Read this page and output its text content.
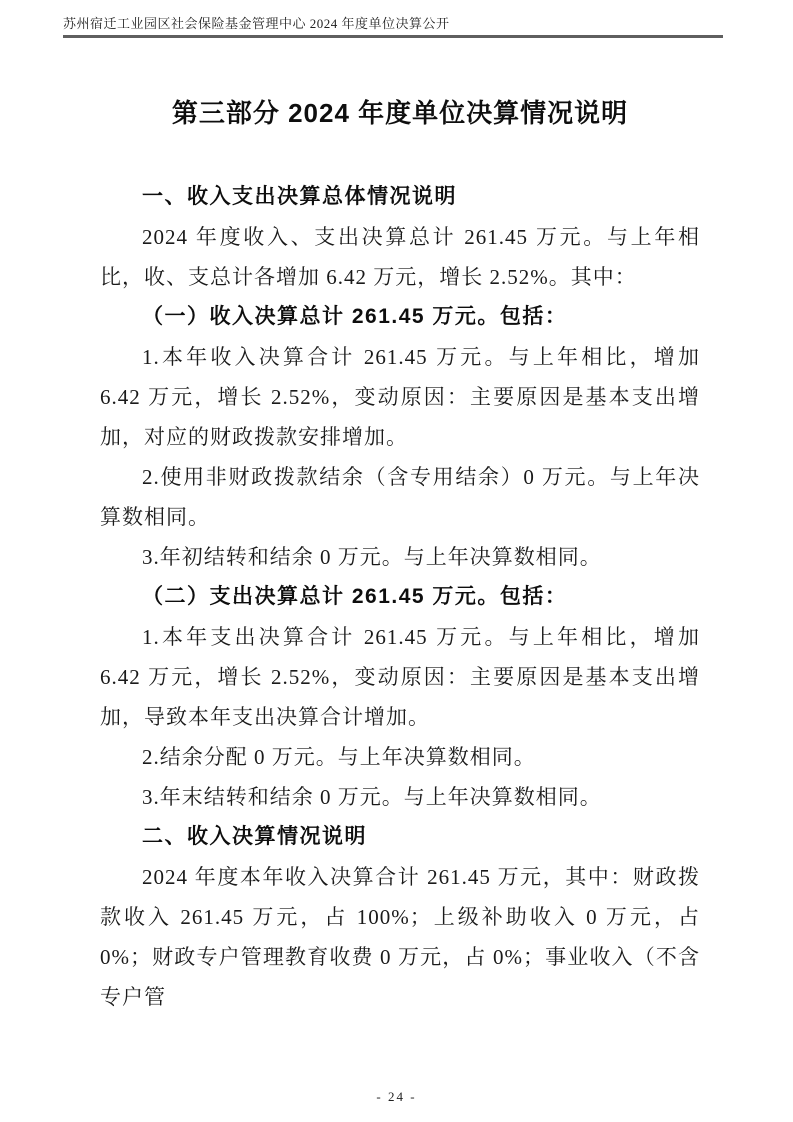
苏州宿迁工业园区社会保险基金管理中心 2024 年度单位决算公开
第三部分 2024 年度单位决算情况说明

一、收入支出决算总体情况说明

2024 年度收入、支出决算总计 261.45 万元。与上年相比，收、支总计各增加 6.42 万元，增长 2.52%。其中：

（一）收入决算总计 261.45 万元。包括：

1.本年收入决算合计 261.45 万元。与上年相比，增加 6.42 万元，增长 2.52%，变动原因：主要原因是基本支出增加，对应的财政拨款安排增加。

2.使用非财政拨款结余（含专用结余）0 万元。与上年决算数相同。

3.年初结转和结余 0 万元。与上年决算数相同。

（二）支出决算总计 261.45 万元。包括：

1.本年支出决算合计 261.45 万元。与上年相比，增加 6.42 万元，增长 2.52%，变动原因：主要原因是基本支出增加，导致本年支出决算合计增加。

2.结余分配 0 万元。与上年决算数相同。

3.年末结转和结余 0 万元。与上年决算数相同。

二、收入决算情况说明

2024 年度本年收入决算合计 261.45 万元，其中：财政拨款收入 261.45 万元，占 100%；上级补助收入 0 万元，占 0%；财政专户管理教育收费 0 万元，占 0%；事业收入（不含专户管

- 24 -
